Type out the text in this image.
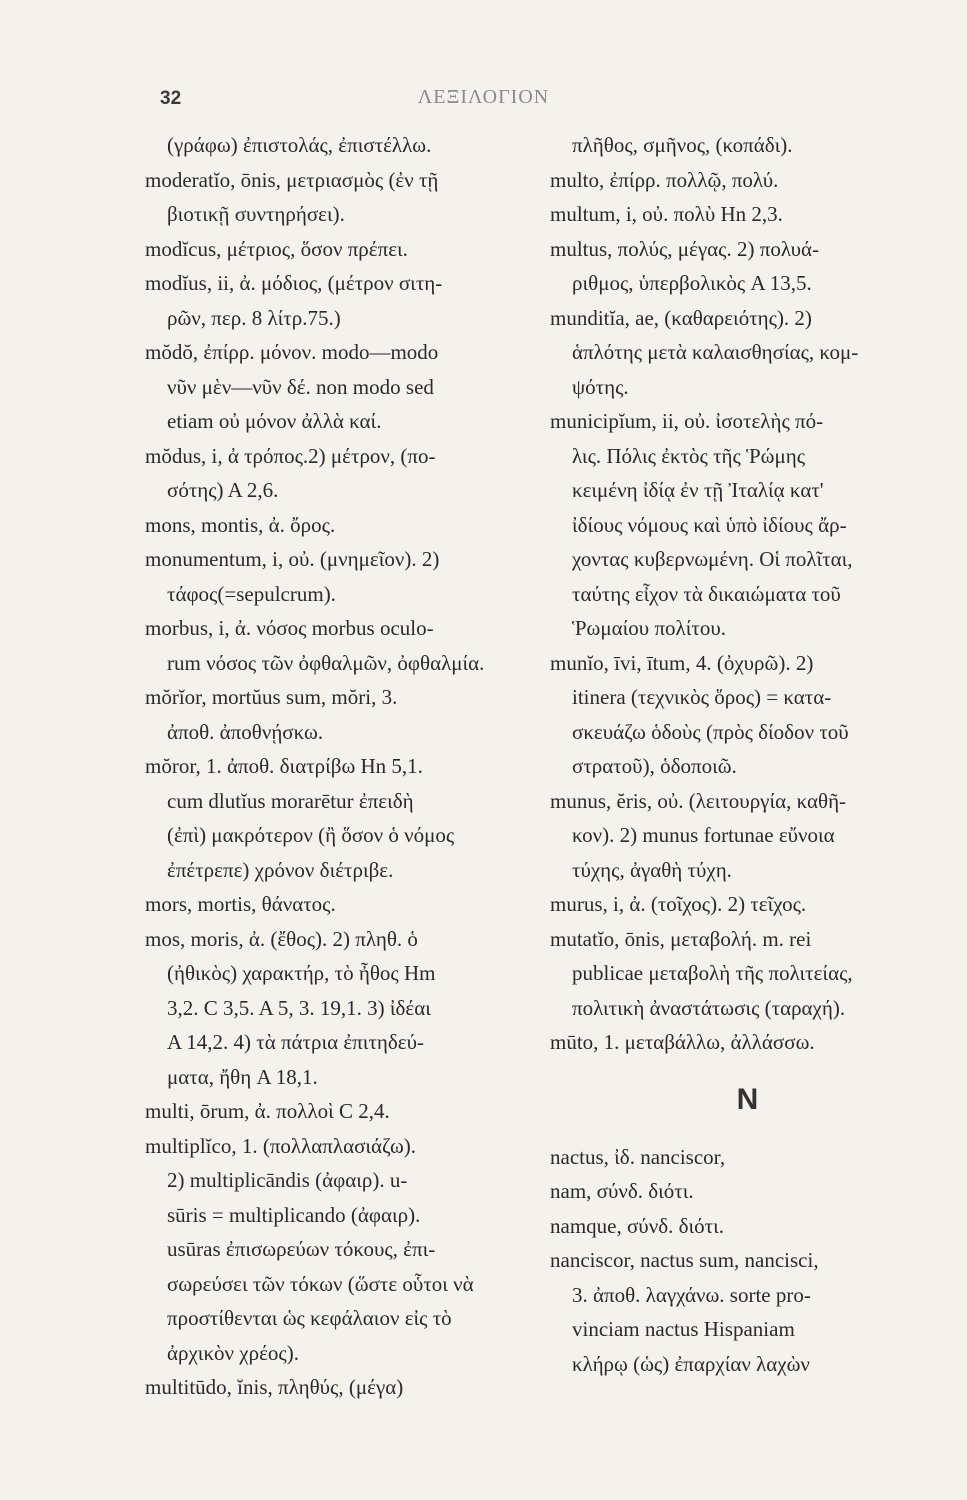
32	ΛΕΞΙΛΟΓΙΟΝ
(γράφω) ἐπιστολάς, ἐπιστέλλω.
moderatĭo, ōnis, μετριασμὸς (ἐν τῇ
βιοτικῇ συντηρήσει).
modĭcus, μέτριος, ὅσον πρέπει.
modĭus, ii, ἀ. μόδιος, (μέτρον σιτη-
ρῶν, περ. 8 λίτρ.75.)
mŏdŏ, ἐπίρρ. μόνον. modo—modo
νῦν μὲν—νῦν δέ. non modo sed
etiam οὐ μόνον ἀλλὰ καί.
mŏdus, i, ἀ τρόπος.2) μέτρον, (πο-
σότης) Α 2,6.
mons, montis, ἀ. ὄρος.
monumentum, i, οὐ. (μνημεῖον). 2)
τάφος(=sepulcrum).
morbus, i, ἀ. νόσος morbus oculo-
rum νόσος τῶν ὀφθαλμῶν, ὀφθαλμία.
mŏrĭor, mortŭus sum, mŏri, 3.
ἀποθ. ἀποθνῄσκω.
mŏror, 1. ἀποθ. διατρίβω Hn 5,1.
cum dlutĭus morarētur ἐπειδὴ
(ἐπὶ) μακρότερον (ἢ ὅσον ὁ νόμος
ἐπέτρεπε) χρόνον διέτριβε.
mors, mortis, θάνατος.
mos, moris, ἀ. (ἔθος). 2) πληθ. ὁ
(ἠθικὸς) χαρακτήρ, τὸ ἦθος Hm
3,2. C 3,5. A 5, 3. 19,1. 3) ἰδέαι
A 14,2. 4) τὰ πάτρια ἐπιτηδεύ-
ματα, ἤθη A 18,1.
multi, ōrum, ἀ. πολλοὶ C 2,4.
multiplĭco, 1. (πολλαπλασιάζω).
2) multiplicāndis (ἀφαιρ). u-
sūris = multiplicando (ἀφαιρ).
usūras ἐπισωρεύων τόκους, ἐπι-
σωρεύσει τῶν τόκων (ὥστε οὗτοι νὰ
προστίθενται ὡς κεφάλαιον εἰς τὸ
ἀρχικὸν χρέος).
multitūdo, ĭnis, πληθύς, (μέγα)
πλῆθος, σμῆνος, (κοπάδι).
multo, ἐπίρρ. πολλῷ, πολύ.
multum, i, οὐ. πολὺ Hn 2,3.
multus, πολύς, μέγας. 2) πολυά-
ριθμος, ὑπερβολικὸς A 13,5.
munditĭa, ae, (καθαρειότης). 2)
ἁπλότης μετὰ καλαισθησίας, κομ-
ψότης.
municipĭum, ii, οὐ. ἰσοτελὴς πό-
λις. Πόλις ἐκτὸς τῆς Ῥώμης
κειμένη ἰδίᾳ ἐν τῇ Ἰταλίᾳ κατ'
ἰδίους νόμους καὶ ὑπὸ ἰδίους ἄρ-
χοντας κυβερνωμένη. Οἱ πολῖται,
ταύτης εἶχον τὰ δικαιώματα τοῦ
Ῥωμαίου πολίτου.
munĭo, īvi, ītum, 4. (ὀχυρῶ). 2)
itinera (τεχνικὸς ὅρος) = κατα-
σκευάζω ὁδοὺς (πρὸς δίοδον τοῦ
στρατοῦ), ὁδοποιῶ.
munus, ĕris, οὐ. (λειτουργία, καθῆ-
κον). 2) munus fortunae εὔνοια
τύχης, ἀγαθὴ τύχη.
murus, i, ἀ. (τοῖχος). 2) τεῖχος.
mutatĭo, ōnis, μεταβολή. m. rei
publicae μεταβολὴ τῆς πολιτείας,
πολιτικὴ ἀναστάτωσις (ταραχή).
mūto, 1. μεταβάλλω, ἀλλάσσω.
N
nactus, ἰδ. nanciscor,
nam, σύνδ. διότι.
namque, σύνδ. διότι.
nanciscor, nactus sum, nancisci,
3. ἀποθ. λαγχάνω. sorte pro-
vinciam nactus Hispaniam
κλήρῳ (ὡς) ἐπαρχίαν λαχὼν
